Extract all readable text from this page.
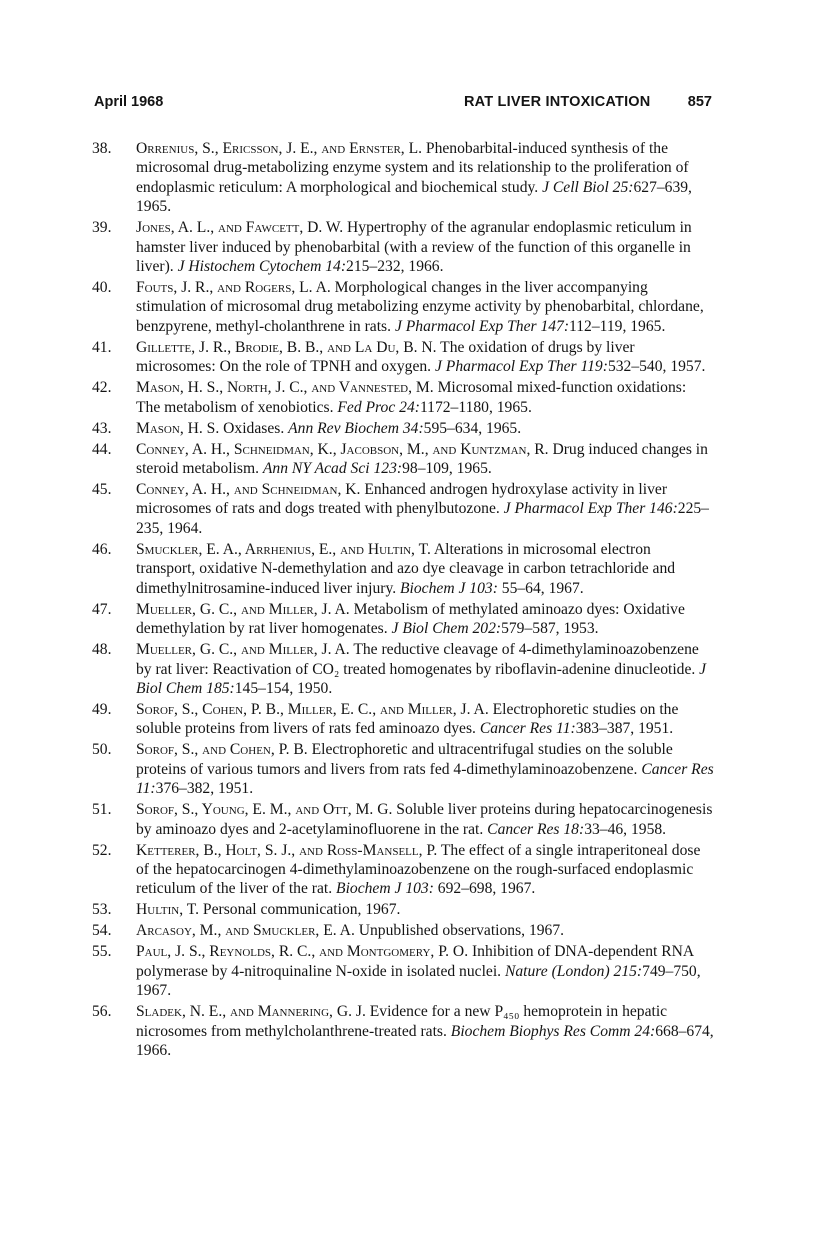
April 1968	RAT LIVER INTOXICATION	857
38. Orrenius, S., Ericsson, J. E., and Ernster, L. Phenobarbital-induced synthesis of the microsomal drug-metabolizing enzyme system and its relationship to the proliferation of endoplasmic reticulum: A morphological and biochemical study. J Cell Biol 25:627–639, 1965.
39. Jones, A. L., and Fawcett, D. W. Hypertrophy of the agranular endoplasmic reticulum in hamster liver induced by phenobarbital (with a review of the function of this organelle in liver). J Histochem Cytochem 14:215–232, 1966.
40. Fouts, J. R., and Rogers, L. A. Morphological changes in the liver accompanying stimulation of microsomal drug metabolizing enzyme activity by phenobarbital, chlordane, benzpyrene, methyl-cholanthrene in rats. J Pharmacol Exp Ther 147:112–119, 1965.
41. Gillette, J. R., Brodie, B. B., and La Du, B. N. The oxidation of drugs by liver microsomes: On the role of TPNH and oxygen. J Pharmacol Exp Ther 119:532–540, 1957.
42. Mason, H. S., North, J. C., and Vannested, M. Microsomal mixed-function oxidations: The metabolism of xenobiotics. Fed Proc 24:1172–1180, 1965.
43. Mason, H. S. Oxidases. Ann Rev Biochem 34:595–634, 1965.
44. Conney, A. H., Schneidman, K., Jacobson, M., and Kuntzman, R. Drug induced changes in steroid metabolism. Ann NY Acad Sci 123:98–109, 1965.
45. Conney, A. H., and Schneidman, K. Enhanced androgen hydroxylase activity in liver microsomes of rats and dogs treated with phenylbutozone. J Pharmacol Exp Ther 146:225–235, 1964.
46. Smuckler, E. A., Arrhenius, E., and Hultin, T. Alterations in microsomal electron transport, oxidative N-demethylation and azo dye cleavage in carbon tetrachloride and dimethylnitrosamine-induced liver injury. Biochem J 103: 55–64, 1967.
47. Mueller, G. C., and Miller, J. A. Metabolism of methylated aminoazo dyes: Oxidative demethylation by rat liver homogenates. J Biol Chem 202:579–587, 1953.
48. Mueller, G. C., and Miller, J. A. The reductive cleavage of 4-dimethylaminoazobenzene by rat liver: Reactivation of CO₂ treated homogenates by riboflavin-adenine dinucleotide. J Biol Chem 185:145–154, 1950.
49. Sorof, S., Cohen, P. B., Miller, E. C., and Miller, J. A. Electrophoretic studies on the soluble proteins from livers of rats fed aminoazo dyes. Cancer Res 11:383–387, 1951.
50. Sorof, S., and Cohen, P. B. Electrophoretic and ultracentrifugal studies on the soluble proteins of various tumors and livers from rats fed 4-dimethylaminoazobenzene. Cancer Res 11:376–382, 1951.
51. Sorof, S., Young, E. M., and Ott, M. G. Soluble liver proteins during hepatocarcinogenesis by aminoazo dyes and 2-acetylaminofluorene in the rat. Cancer Res 18:33–46, 1958.
52. Ketterer, B., Holt, S. J., and Ross-Mansell, P. The effect of a single intraperitoneal dose of the hepatocarcinogen 4-dimethylaminoazobenzene on the rough-surfaced endoplasmic reticulum of the liver of the rat. Biochem J 103: 692–698, 1967.
53. Hultin, T. Personal communication, 1967.
54. Arcasoy, M., and Smuckler, E. A. Unpublished observations, 1967.
55. Paul, J. S., Reynolds, R. C., and Montgomery, P. O. Inhibition of DNA-dependent RNA polymerase by 4-nitroquinaline N-oxide in isolated nuclei. Nature (London) 215:749–750, 1967.
56. Sladek, N. E., and Mannering, G. J. Evidence for a new P₄₅₀ hemoprotein in hepatic nicrosomes from methylcholanthrene-treated rats. Biochem Biophys Res Comm 24:668–674, 1966.
